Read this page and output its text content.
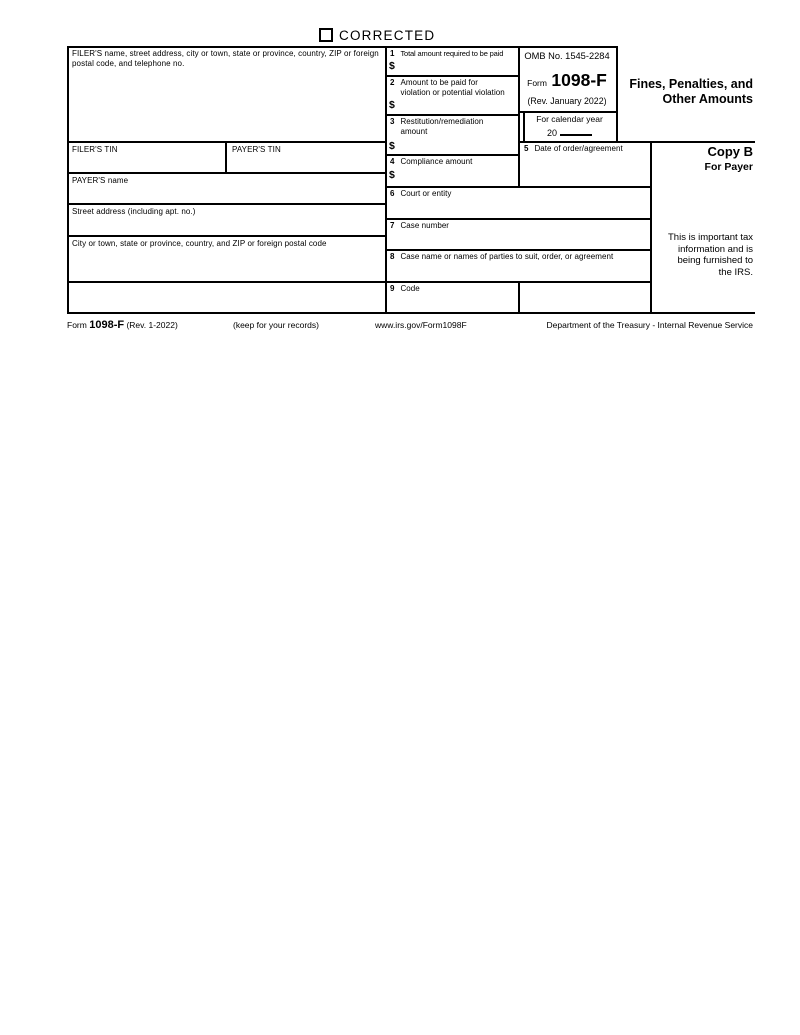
CORRECTED
FILER'S name, street address, city or town, state or province, country, ZIP or foreign postal code, and telephone no.
FILER'S TIN	PAYER'S TIN
PAYER'S name
Street address (including apt. no.)
City or town, state or province, country, and ZIP or foreign postal code
1 Total amount required to be paid
$
2 Amount to be paid for
violation or potential violation
$
3 Restitution/remediation
amount
$
4 Compliance amount
$
5 Date of order/agreement
6 Court or entity
7 Case number
8 Case name or names of parties to suit, order, or agreement
9 Code
OMB No. 1545-2284
Form 1098-F
(Rev. January 2022)
For calendar year
20
Fines, Penalties, and
Other Amounts
Copy B
For Payer
This is important tax
information and is
being furnished to
the IRS.
Form 1098-F (Rev. 1-2022)	(keep for your records)	www.irs.gov/Form1098F	Department of the Treasury - Internal Revenue Service
